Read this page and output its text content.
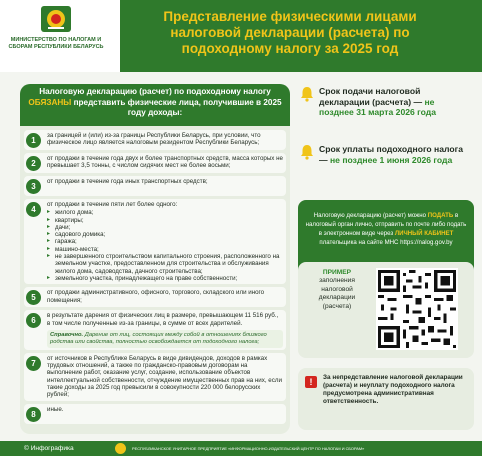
МИНИСТЕРСТВО ПО НАЛОГАМ И СБОРАМ РЕСПУБЛИКИ БЕЛАРУСЬ
Представление физическими лицами налоговой декларации (расчета) по подоходному налогу за 2025 год
Налоговую декларацию (расчет) по подоходному налогу ОБЯЗАНЫ представить физические лица, получившие в 2025 году доходы:
1
за границей и (или) из-за границы Республики Беларусь, при условии, что физическое лицо является налоговым резидентом Республики Беларусь;
2
от продажи в течение года двух и более транспортных средств, масса которых не превышает 3,5 тонны, с числом сидячих мест не более восьми;
3
от продажи в течение года иных транспортных средств;
4
от продажи в течение пяти лет более одного:
▸ жилого дома;
▸ квартиры;
▸ дачи;
▸ садового домика;
▸ гаража;
▸ машино-места;
▸ не завершенного строительством капитального строения, расположенного на земельном участке, предоставленном для строительства и обслуживания жилого дома, садоводства, дачного строительства;
▸ земельного участка, принадлежащего на праве собственности;
5
от продажи административного, офисного, торгового, складского или иного помещения;
6
в результате дарения от физических лиц в размере, превышающем 11 516 руб., в том числе полученные из-за границы, в сумме от всех дарителей.
Справочно. Дарение от лиц, состоящих между собой в отношениях близкого родства или свойства, полностью освобождается от подоходного налога;
7
от источников в Республике Беларусь в виде дивидендов, доходов в рамках трудовых отношений, а также по гражданско-правовым договорам на выполнение работ, оказание услуг, создание, использование объектов интеллектуальной собственности, отчуждение имущественных прав на них, если такие доходы за 2025 год превысили в совокупности 220 000 белорусских рублей;
8
иные.
Срок подачи налоговой декларации (расчета) — не позднее 31 марта 2026 года
Срок уплаты подоходного налога — не позднее 1 июня 2026 года
Налоговую декларацию (расчет) можно ПОДАТЬ в налоговый орган лично, отправить по почте либо подать в электронном виде через ЛИЧНЫЙ КАБИНЕТ плательщика на сайте МНС https://nalog.gov.by
ПРИМЕР
заполнения налоговой декларации (расчета)
!	За непредставление налоговой декларации (расчета) и неуплату подоходного налога предусмотрена административная ответственность.
© Инфографика	РЕСПУБЛИКАНСКОЕ УНИТАРНОЕ ПРЕДПРИЯТИЕ «ИНФОРМАЦИОННО-ИЗДАТЕЛЬСКИЙ ЦЕНТР ПО НАЛОГАМ И СБОРАМ»
